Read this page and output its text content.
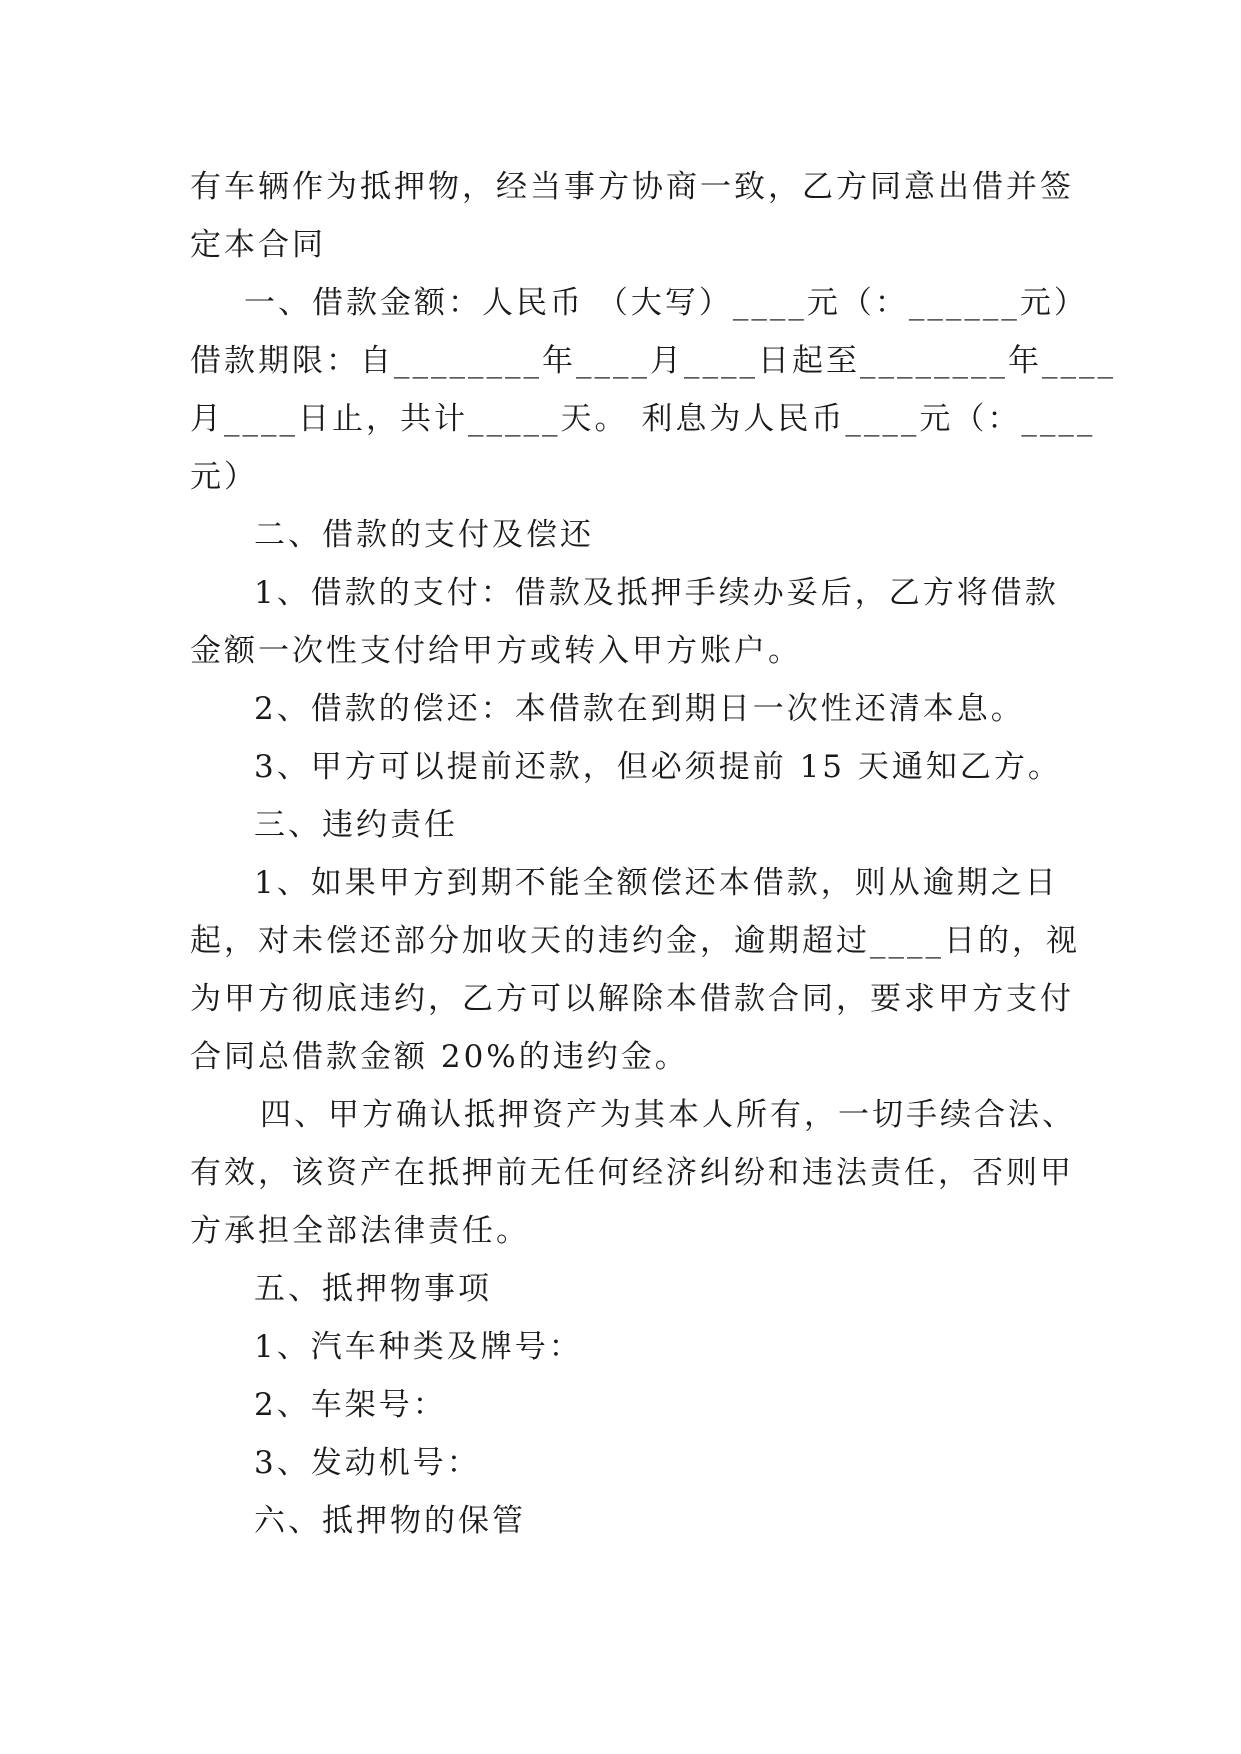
有车辆作为抵押物，经当事方协商一致，乙方同意出借并签
定本合同
一、借款金额：人民币 （大写）____元（：______元）
借款期限：自________年____月____日起至________年____
月____日止，共计_____天。 利息为人民币____元（：____
元）
二、借款的支付及偿还
1、借款的支付：借款及抵押手续办妥后，乙方将借款
金额一次性支付给甲方或转入甲方账户。
2、借款的偿还：本借款在到期日一次性还清本息。
3、甲方可以提前还款，但必须提前 15 天通知乙方。
三、违约责任
1、如果甲方到期不能全额偿还本借款，则从逾期之日
起，对未偿还部分加收天的违约金，逾期超过____日的，视
为甲方彻底违约，乙方可以解除本借款合同，要求甲方支付
合同总借款金额 20%的违约金。
四、甲方确认抵押资产为其本人所有，一切手续合法、
有效，该资产在抵押前无任何经济纠纷和违法责任，否则甲
方承担全部法律责任。
五、抵押物事项
1、汽车种类及牌号：
2、车架号：
3、发动机号：
六、抵押物的保管
